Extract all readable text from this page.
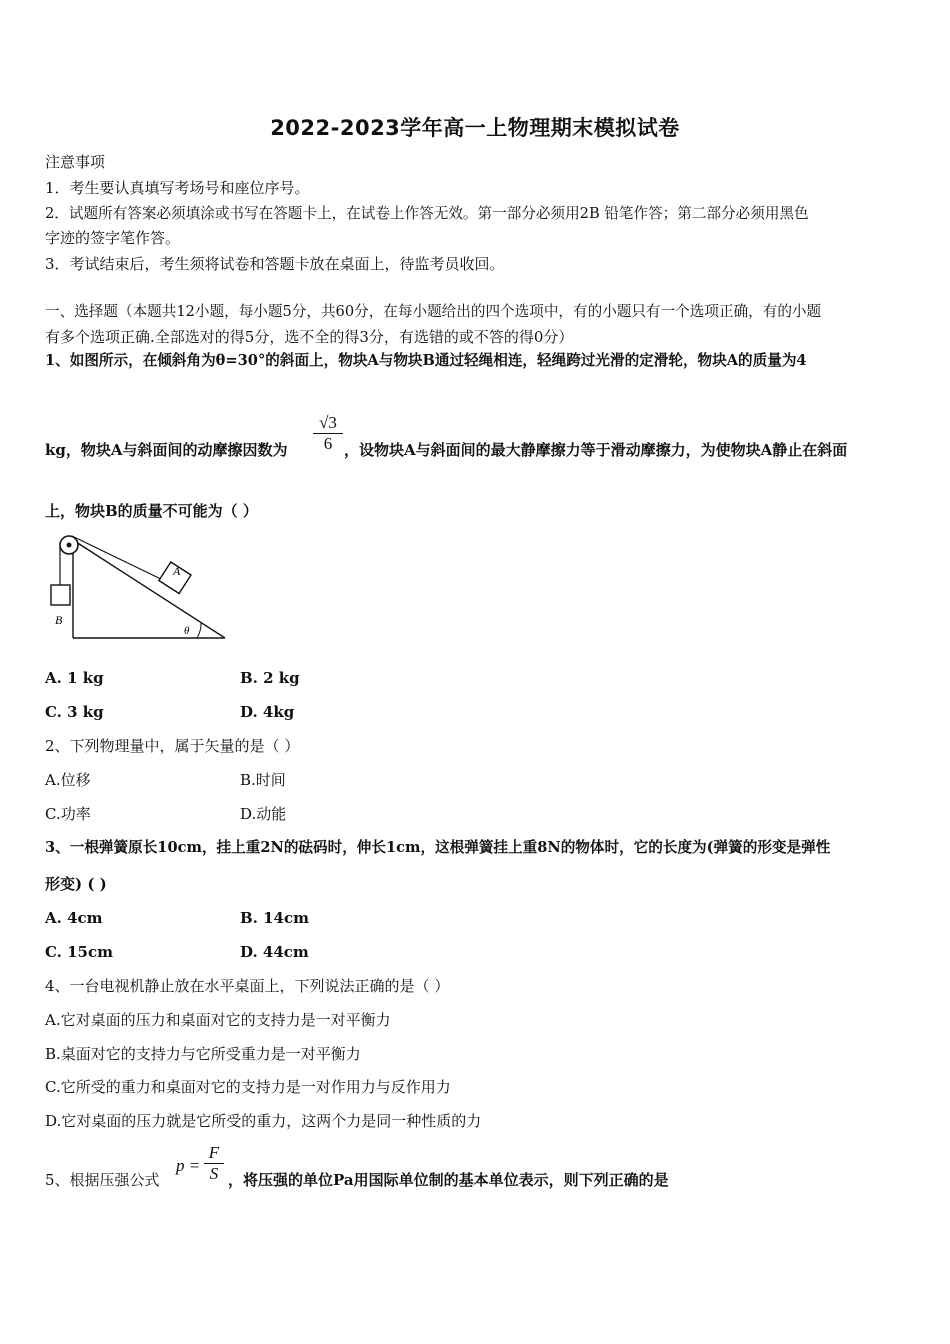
2022-2023学年高一上物理期末模拟试卷
注意事项
1．考生要认真填写考场号和座位序号。
2．试题所有答案必须填涂或书写在答题卡上，在试卷上作答无效。第一部分必须用2B 铅笔作答；第二部分必须用黑色
字迹的签字笔作答。
3．考试结束后，考生须将试卷和答题卡放在桌面上，待监考员收回。
一、选择题（本题共12小题，每小题5分，共60分，在每小题给出的四个选项中，有的小题只有一个选项正确，有的小题
有多个选项正确.全部选对的得5分，选不全的得3分，有选错的或不答的得0分）
1、如图所示，在倾斜角为θ=30°的斜面上，物块A与物块B通过轻绳相连，轻绳跨过光滑的定滑轮，物块A的质量为4
kg，物块A与斜面间的动摩擦因数为
√3
6 ，设物块A与斜面间的最大静摩擦力等于滑动摩擦力，为使物块A静止在斜面
上，物块B的质量不可能为（ ）
A
B
θ
A. 1 kg	B. 2 kg
C. 3 kg	D. 4kg
2、下列物理量中，属于矢量的是（ ）
A.位移	B.时间
C.功率	D.动能
3、一根弹簧原长10cm，挂上重2N的砝码时，伸长1cm，这根弹簧挂上重8N的物体时，它的长度为(弹簧的形变是弹性
形变) ( )
A. 4cm	B. 14cm
C. 15cm	D. 44cm
4、一台电视机静止放在水平桌面上，下列说法正确的是（ ）
A.它对桌面的压力和桌面对它的支持力是一对平衡力
B.桌面对它的支持力与它所受重力是一对平衡力
C.它所受的重力和桌面对它的支持力是一对作用力与反作用力
D.它对桌面的压力就是它所受的重力，这两个力是同一种性质的力
5、根据压强公式
p =
F
S ，将压强的单位Pa用国际单位制的基本单位表示，则下列正确的是
